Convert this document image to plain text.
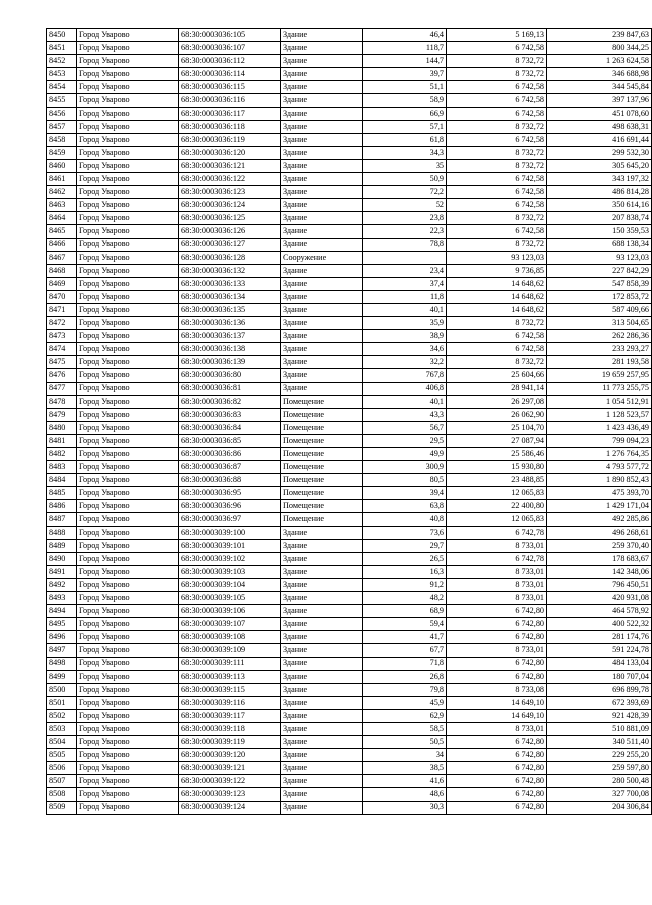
8450	Город Уварово	68:30:0003036:105	Здание	46,4	5 169,13	239 847,63
8451	Город Уварово	68:30:0003036:107	Здание	118,7	6 742,58	800 344,25
8452	Город Уварово	68:30:0003036:112	Здание	144,7	8 732,72	1 263 624,58
8453	Город Уварово	68:30:0003036:114	Здание	39,7	8 732,72	346 688,98
8454	Город Уварово	68:30:0003036:115	Здание	51,1	6 742,58	344 545,84
8455	Город Уварово	68:30:0003036:116	Здание	58,9	6 742,58	397 137,96
8456	Город Уварово	68:30:0003036:117	Здание	66,9	6 742,58	451 078,60
8457	Город Уварово	68:30:0003036:118	Здание	57,1	8 732,72	498 638,31
8458	Город Уварово	68:30:0003036:119	Здание	61,8	6 742,58	416 691,44
8459	Город Уварово	68:30:0003036:120	Здание	34,3	8 732,72	299 532,30
8460	Город Уварово	68:30:0003036:121	Здание	35	8 732,72	305 645,20
8461	Город Уварово	68:30:0003036:122	Здание	50,9	6 742,58	343 197,32
8462	Город Уварово	68:30:0003036:123	Здание	72,2	6 742,58	486 814,28
8463	Город Уварово	68:30:0003036:124	Здание	52	6 742,58	350 614,16
8464	Город Уварово	68:30:0003036:125	Здание	23,8	8 732,72	207 838,74
8465	Город Уварово	68:30:0003036:126	Здание	22,3	6 742,58	150 359,53
8466	Город Уварово	68:30:0003036:127	Здание	78,8	8 732,72	688 138,34
8467	Город Уварово	68:30:0003036:128	Сооружение		93 123,03	93 123,03
8468	Город Уварово	68:30:0003036:132	Здание	23,4	9 736,85	227 842,29
8469	Город Уварово	68:30:0003036:133	Здание	37,4	14 648,62	547 858,39
8470	Город Уварово	68:30:0003036:134	Здание	11,8	14 648,62	172 853,72
8471	Город Уварово	68:30:0003036:135	Здание	40,1	14 648,62	587 409,66
8472	Город Уварово	68:30:0003036:136	Здание	35,9	8 732,72	313 504,65
8473	Город Уварово	68:30:0003036:137	Здание	38,9	6 742,58	262 286,36
8474	Город Уварово	68:30:0003036:138	Здание	34,6	6 742,58	233 293,27
8475	Город Уварово	68:30:0003036:139	Здание	32,2	8 732,72	281 193,58
8476	Город Уварово	68:30:0003036:80	Здание	767,8	25 604,66	19 659 257,95
8477	Город Уварово	68:30:0003036:81	Здание	406,8	28 941,14	11 773 255,75
8478	Город Уварово	68:30:0003036:82	Помещение	40,1	26 297,08	1 054 512,91
8479	Город Уварово	68:30:0003036:83	Помещение	43,3	26 062,90	1 128 523,57
8480	Город Уварово	68:30:0003036:84	Помещение	56,7	25 104,70	1 423 436,49
8481	Город Уварово	68:30:0003036:85	Помещение	29,5	27 087,94	799 094,23
8482	Город Уварово	68:30:0003036:86	Помещение	49,9	25 586,46	1 276 764,35
8483	Город Уварово	68:30:0003036:87	Помещение	300,9	15 930,80	4 793 577,72
8484	Город Уварово	68:30:0003036:88	Помещение	80,5	23 488,85	1 890 852,43
8485	Город Уварово	68:30:0003036:95	Помещение	39,4	12 065,83	475 393,70
8486	Город Уварово	68:30:0003036:96	Помещение	63,8	22 400,80	1 429 171,04
8487	Город Уварово	68:30:0003036:97	Помещение	40,8	12 065,83	492 285,86
8488	Город Уварово	68:30:0003039:100	Здание	73,6	6 742,78	496 268,61
8489	Город Уварово	68:30:0003039:101	Здание	29,7	8 733,01	259 370,40
8490	Город Уварово	68:30:0003039:102	Здание	26,5	6 742,78	178 683,67
8491	Город Уварово	68:30:0003039:103	Здание	16,3	8 733,01	142 348,06
8492	Город Уварово	68:30:0003039:104	Здание	91,2	8 733,01	796 450,51
8493	Город Уварово	68:30:0003039:105	Здание	48,2	8 733,01	420 931,08
8494	Город Уварово	68:30:0003039:106	Здание	68,9	6 742,80	464 578,92
8495	Город Уварово	68:30:0003039:107	Здание	59,4	6 742,80	400 522,32
8496	Город Уварово	68:30:0003039:108	Здание	41,7	6 742,80	281 174,76
8497	Город Уварово	68:30:0003039:109	Здание	67,7	8 733,01	591 224,78
8498	Город Уварово	68:30:0003039:111	Здание	71,8	6 742,80	484 133,04
8499	Город Уварово	68:30:0003039:113	Здание	26,8	6 742,80	180 707,04
8500	Город Уварово	68:30:0003039:115	Здание	79,8	8 733,08	696 899,78
8501	Город Уварово	68:30:0003039:116	Здание	45,9	14 649,10	672 393,69
8502	Город Уварово	68:30:0003039:117	Здание	62,9	14 649,10	921 428,39
8503	Город Уварово	68:30:0003039:118	Здание	58,5	8 733,01	510 881,09
8504	Город Уварово	68:30:0003039:119	Здание	50,5	6 742,80	340 511,40
8505	Город Уварово	68:30:0003039:120	Здание	34	6 742,80	229 255,20
8506	Город Уварово	68:30:0003039:121	Здание	38,5	6 742,80	259 597,80
8507	Город Уварово	68:30:0003039:122	Здание	41,6	6 742,80	280 500,48
8508	Город Уварово	68:30:0003039:123	Здание	48,6	6 742,80	327 700,08
8509	Город Уварово	68:30:0003039:124	Здание	30,3	6 742,80	204 306,84
